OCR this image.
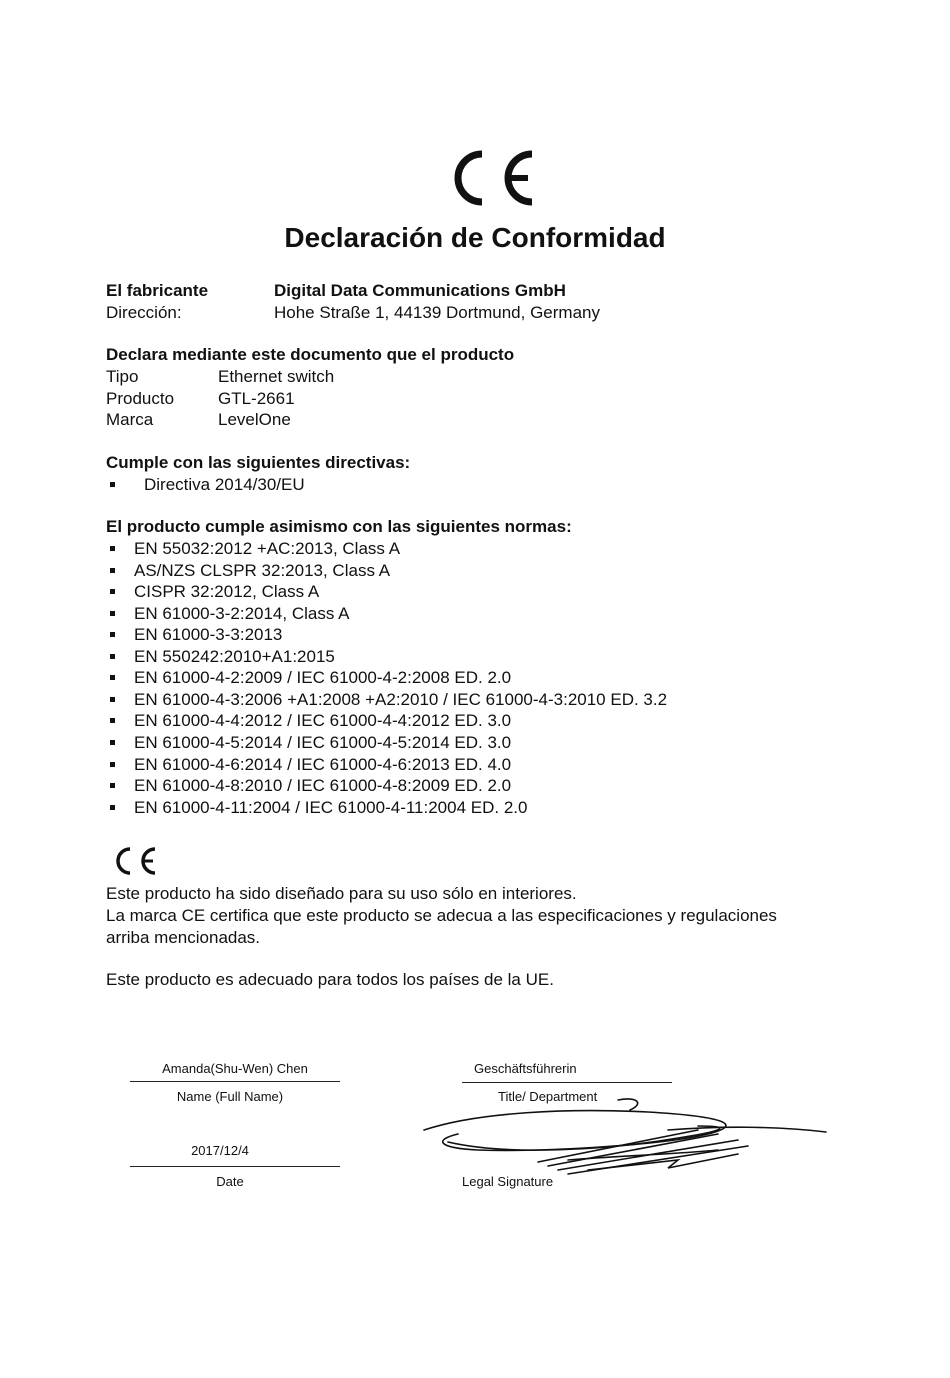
Declaración de Conformidad
El fabricante	Digital Data Communications GmbH
Dirección:	Hohe Straße 1, 44139 Dortmund, Germany
Declara mediante este documento que el producto
Tipo	Ethernet switch
Producto	GTL-2661
Marca	LevelOne
Cumple con las siguientes directivas:
Directiva 2014/30/EU
El producto cumple asimismo con las siguientes normas:
EN 55032:2012 +AC:2013, Class A
AS/NZS CLSPR 32:2013, Class A
CISPR 32:2012, Class A
EN 61000-3-2:2014, Class A
EN 61000-3-3:2013
EN 550242:2010+A1:2015
EN 61000-4-2:2009 / IEC 61000-4-2:2008 ED. 2.0
EN 61000-4-3:2006 +A1:2008 +A2:2010 / IEC 61000-4-3:2010 ED. 3.2
EN 61000-4-4:2012 / IEC 61000-4-4:2012 ED. 3.0
EN 61000-4-5:2014 / IEC 61000-4-5:2014 ED. 3.0
EN 61000-4-6:2014 / IEC 61000-4-6:2013 ED. 4.0
EN 61000-4-8:2010 / IEC 61000-4-8:2009 ED. 2.0
EN 61000-4-11:2004 / IEC 61000-4-11:2004 ED. 2.0
Este producto ha sido diseñado para su uso sólo en interiores.
La marca CE certifica que este producto se adecua a las especificaciones y regulaciones
arriba mencionadas.
Este producto es adecuado para todos los países de la UE.
Amanda(Shu-Wen) Chen
Name (Full Name)
2017/12/4
Date
Geschäftsführerin
Title/ Department
Legal Signature
